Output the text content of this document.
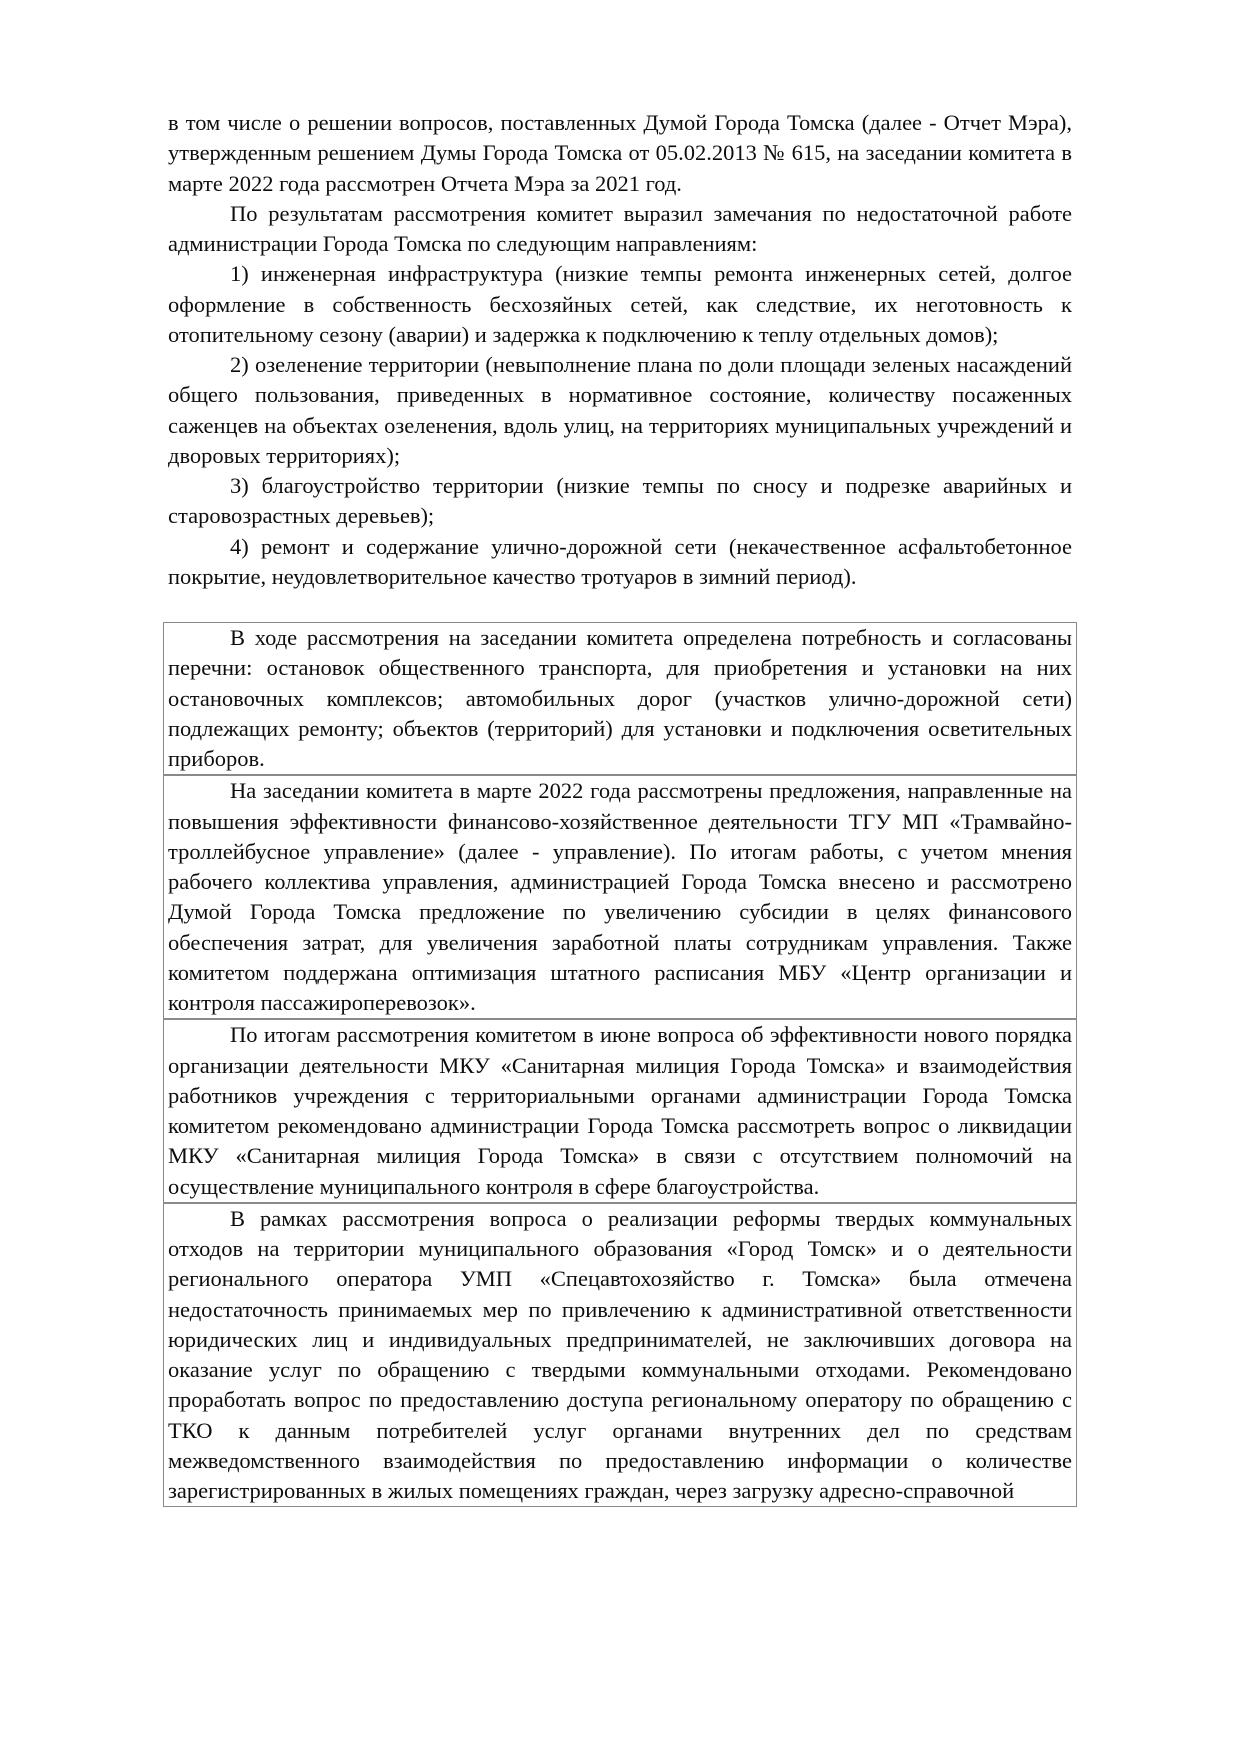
в том числе о решении вопросов, поставленных Думой Города Томска (далее - Отчет Мэра), утвержденным решением Думы Города Томска от 05.02.2013 № 615, на заседании комитета в марте 2022 года рассмотрен Отчета Мэра за 2021 год.

По результатам рассмотрения комитет выразил замечания по недостаточной работе администрации Города Томска по следующим направлениям:

1) инженерная инфраструктура (низкие темпы ремонта инженерных сетей, долгое оформление в собственность бесхозяйных сетей, как следствие, их неготовность к отопительному сезону (аварии) и задержка к подключению к теплу отдельных домов);

2) озеленение территории (невыполнение плана по доли площади зеленых насаждений общего пользования, приведенных в нормативное состояние, количеству посаженных саженцев на объектах озеленения, вдоль улиц, на территориях муниципальных учреждений и дворовых территориях);

3) благоустройство территории (низкие темпы по сносу и подрезке аварийных и старовозрастных деревьев);

4) ремонт и содержание улично-дорожной сети (некачественное асфальтобетонное покрытие, неудовлетворительное качество тротуаров в зимний период).

В ходе рассмотрения на заседании комитета определена потребность и согласованы перечни: остановок общественного транспорта, для приобретения и установки на них остановочных комплексов; автомобильных дорог (участков улично-дорожной сети) подлежащих ремонту; объектов (территорий) для установки и подключения осветительных приборов.

На заседании комитета в марте 2022 года рассмотрены предложения, направленные на повышения эффективности финансово-хозяйственное деятельности ТГУ МП «Трамвайно- троллейбусное управление» (далее - управление). По итогам работы, с учетом мнения рабочего коллектива управления, администрацией Города Томска внесено и рассмотрено Думой Города Томска предложение по увеличению субсидии в целях финансового обеспечения затрат, для увеличения заработной платы сотрудникам управления. Также комитетом поддержана оптимизация штатного расписания МБУ «Центр организации и контроля пассажироперевозок».

По итогам рассмотрения комитетом в июне вопроса об эффективности нового порядка организации деятельности МКУ «Санитарная милиция Города Томска» и взаимодействия работников учреждения с территориальными органами администрации Города Томска комитетом рекомендовано администрации Города Томска рассмотреть вопрос о ликвидации МКУ «Санитарная милиция Города Томска» в связи с отсутствием полномочий на осуществление муниципального контроля в сфере благоустройства.

В рамках рассмотрения вопроса о реализации реформы твердых коммунальных отходов на территории муниципального образования «Город Томск» и о деятельности регионального оператора УМП «Спецавтохозяйство г. Томска» была отмечена недостаточность принимаемых мер по привлечению к административной ответственности юридических лиц и индивидуальных предпринимателей, не заключивших договора на оказание услуг по обращению с твердыми коммунальными отходами. Рекомендовано проработать вопрос по предоставлению доступа региональному оператору по обращению с ТКО к данным потребителей услуг органами внутренних дел по средствам межведомственного взаимодействия по предоставлению информации о количестве зарегистрированных в жилых помещениях граждан, через загрузку адресно-справочной
